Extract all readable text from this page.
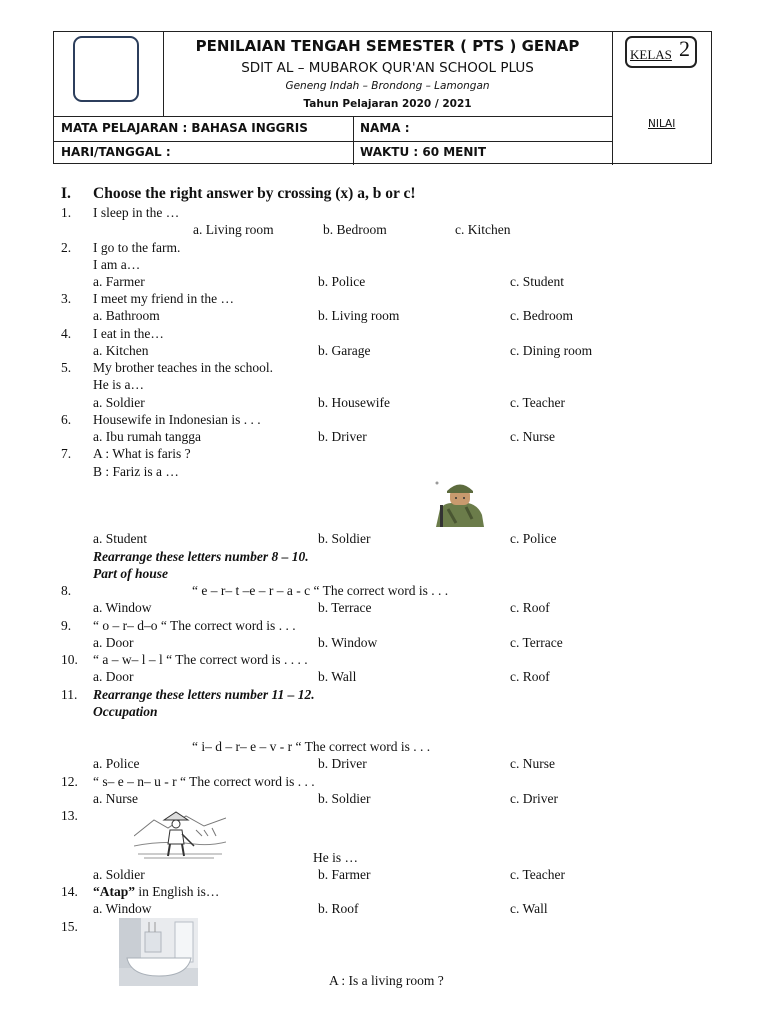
PENILAIAN TENGAH SEMESTER ( PTS ) GENAP
SDIT AL – MUBAROK QUR'AN SCHOOL PLUS
Geneng Indah – Brondong – Lamongan
Tahun Pelajaran 2020 / 2021
KELAS 2
MATA PELAJARAN : BAHASA INGGRIS	NAMA :
HARI/TANGGAL :	WAKTU : 60 MENIT
NILAI
I. Choose the right answer by crossing (x) a, b or c!
1. I sleep in the …
a. Living room	b. Bedroom	c. Kitchen
2. I go to the farm.
I am a…
a. Farmer	b. Police	c. Student
3. I meet my friend in the …
a. Bathroom	b. Living room	c. Bedroom
4. I eat in the…
a. Kitchen	b. Garage	c. Dining room
5. My brother teaches in the school.
He is a…
a. Soldier	b. Housewife	c. Teacher
6. Housewife in Indonesian is . . .
a. Ibu rumah tangga	b. Driver	c. Nurse
7. A : What is faris ?
B : Fariz is a …
a. Student	b. Soldier	c. Police
Rearrange these letters number 8 – 10.
Part of house
8.	“ e – r– t –e – r – a - c “ The correct word is . . .
a. Window	b. Terrace	c. Roof
9. “ o – r– d–o “ The correct word is . . .
a. Door	b. Window	c. Terrace
10. “ a – w– l – l “ The correct word is . . . .
a. Door	b. Wall	c. Roof
11. Rearrange these letters number 11 – 12.
Occupation
“ i– d – r– e – v - r “ The correct word is . . .
a. Police	b. Driver	c. Nurse
12. “ s– e – n– u - r “ The correct word is . . .
a. Nurse	b. Soldier	c. Driver
13.
He is …
a. Soldier	b. Farmer	c. Teacher
14. “Atap” in English is…
a. Window	b. Roof	c. Wall
15.
A : Is a living room ?
